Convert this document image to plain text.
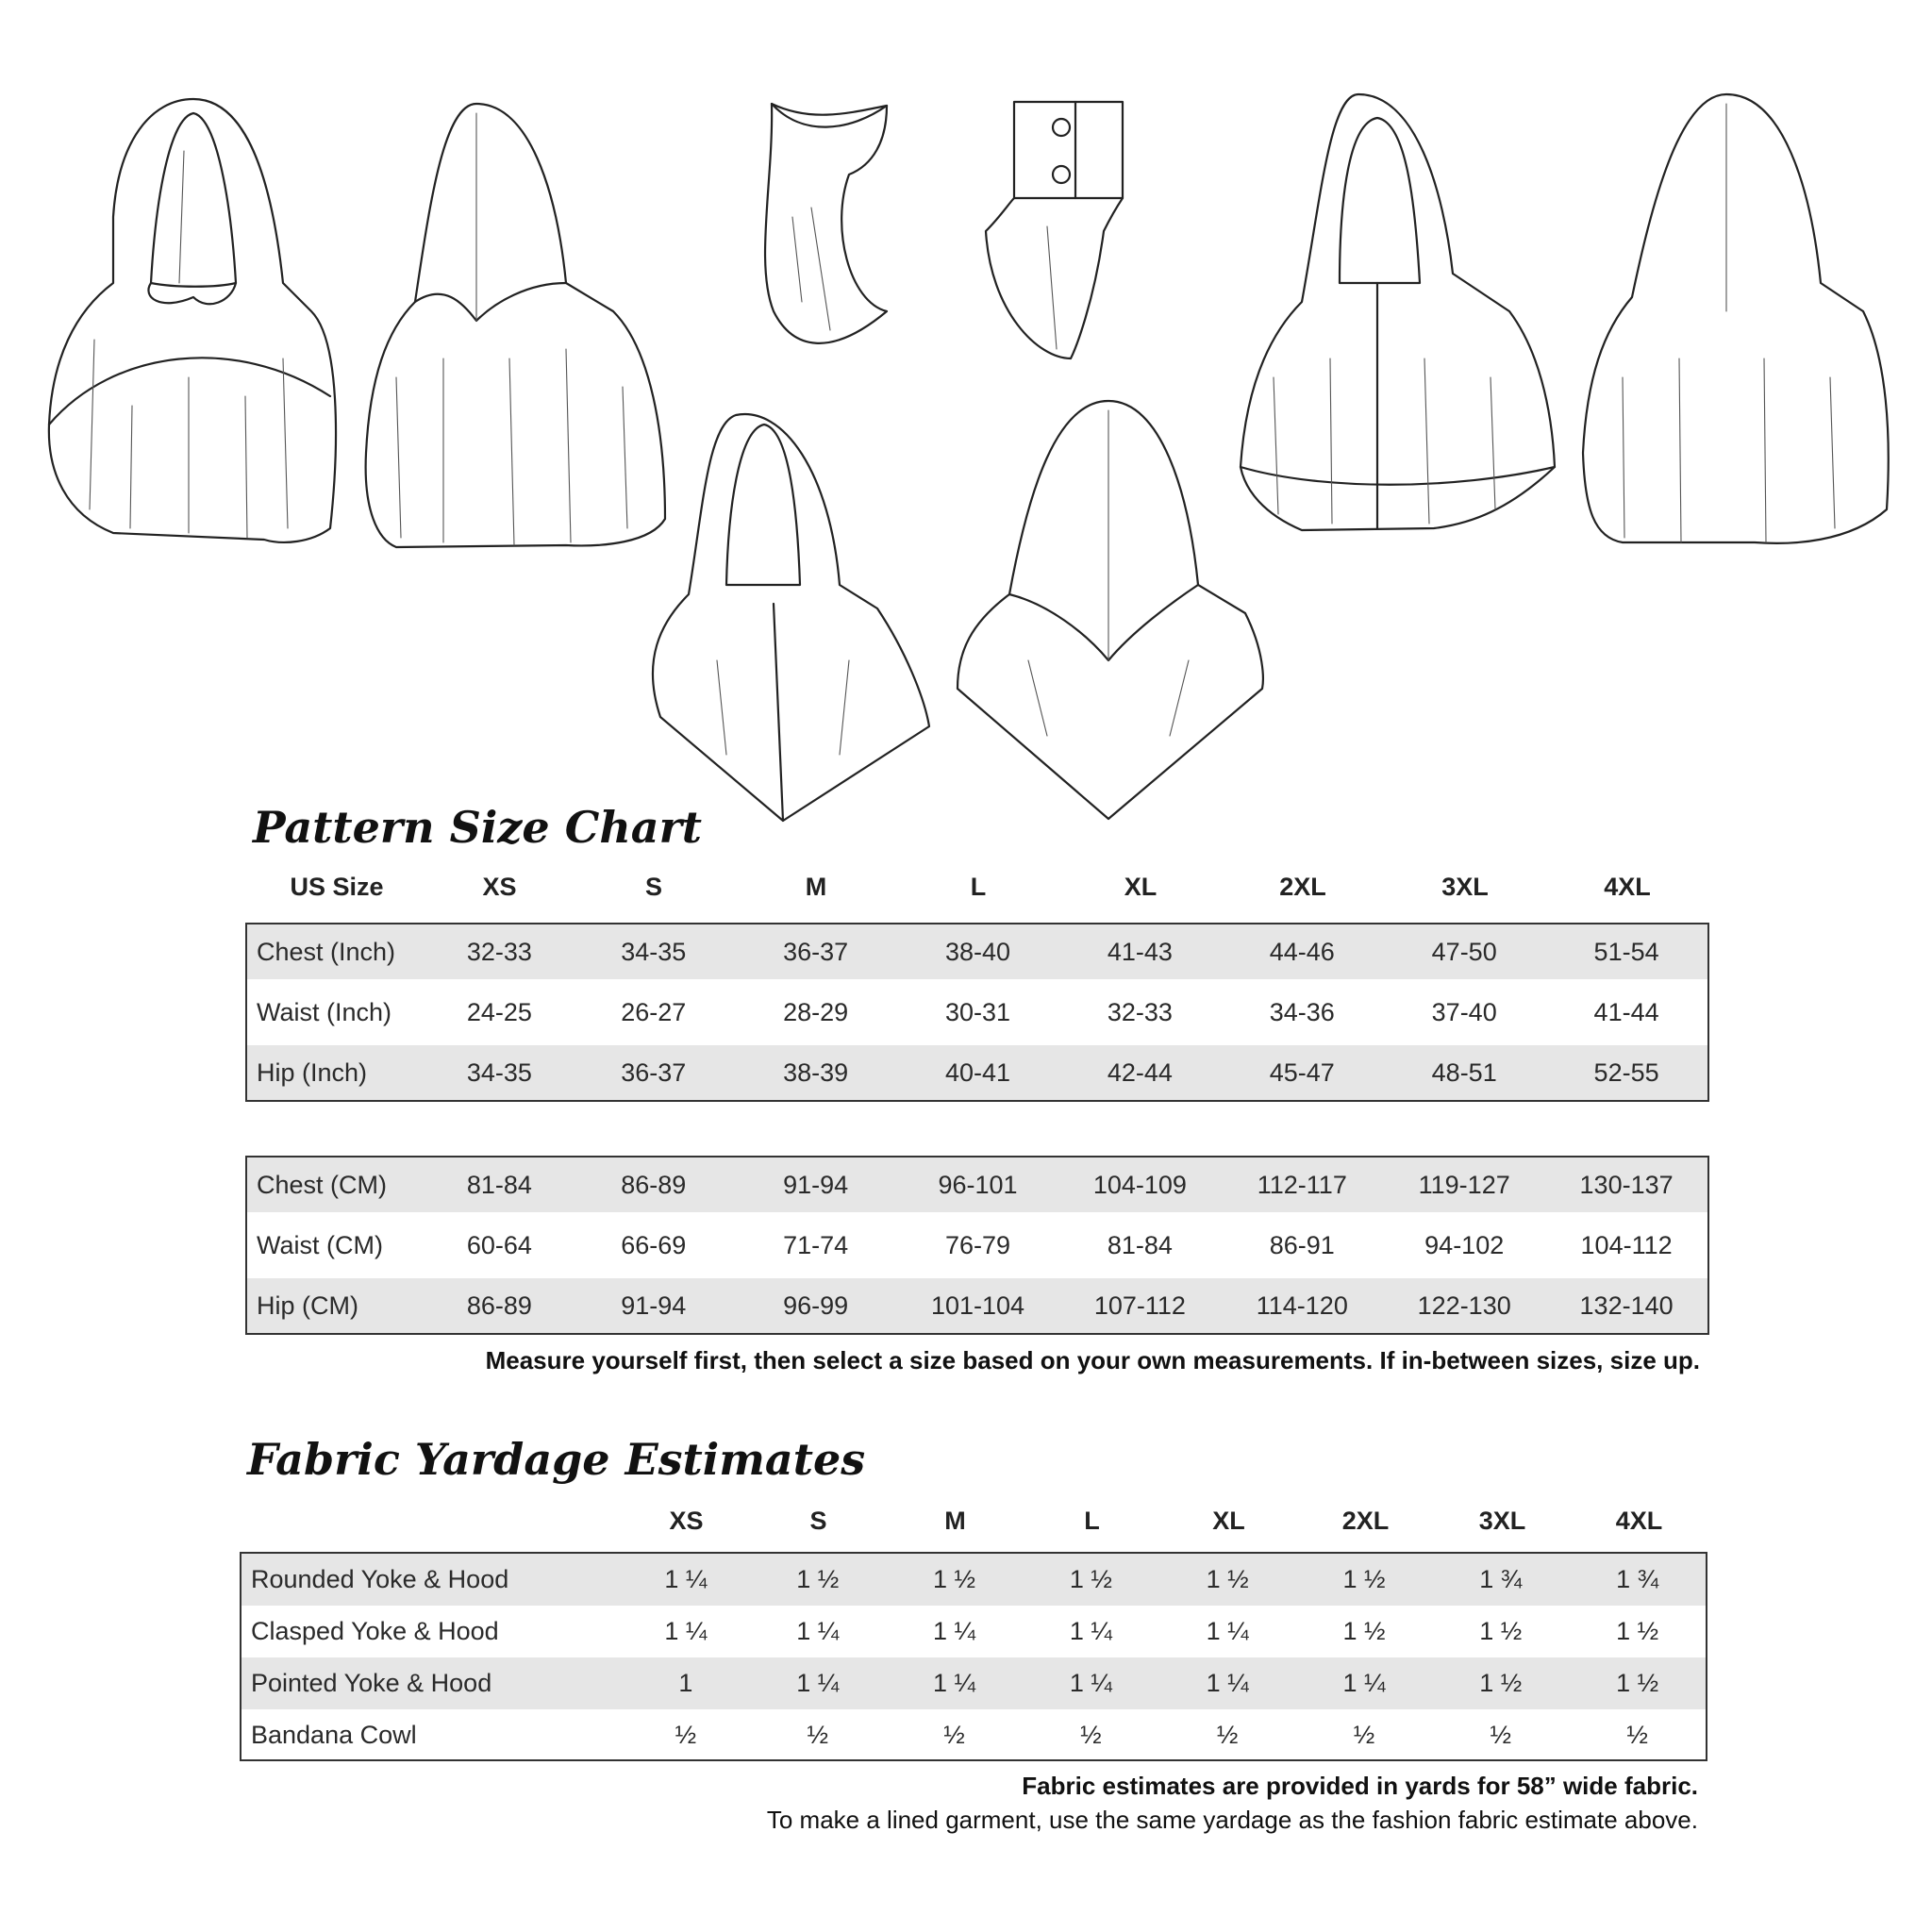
Pattern Size Chart
US Size	XS	S	M	L	XL	2XL	3XL	4XL
Chest (Inch)	32-33	34-35	36-37	38-40	41-43	44-46	47-50	51-54
Waist (Inch)	24-25	26-27	28-29	30-31	32-33	34-36	37-40	41-44
Hip (Inch)	34-35	36-37	38-39	40-41	42-44	45-47	48-51	52-55
Chest (CM)	81-84	86-89	91-94	96-101	104-109	112-117	119-127	130-137
Waist (CM)	60-64	66-69	71-74	76-79	81-84	86-91	94-102	104-112
Hip (CM)	86-89	91-94	96-99	101-104	107-112	114-120	122-130	132-140

Measure yourself first, then select a size based on your own measurements. If in-between sizes, size up.

Fabric Yardage Estimates
XS	S	M	L	XL	2XL	3XL	4XL
Rounded Yoke & Hood	1 ¼	1 ½	1 ½	1 ½	1 ½	1 ½	1 ¾	1 ¾
Clasped Yoke & Hood	1 ¼	1 ¼	1 ¼	1 ¼	1 ¼	1 ½	1 ½	1 ½
Pointed Yoke & Hood	1	1 ¼	1 ¼	1 ¼	1 ¼	1 ¼	1 ½	1 ½
Bandana Cowl	½	½	½	½	½	½	½	½

Fabric estimates are provided in yards for 58” wide fabric.

To make a lined garment, use the same yardage as the fashion fabric estimate above.
